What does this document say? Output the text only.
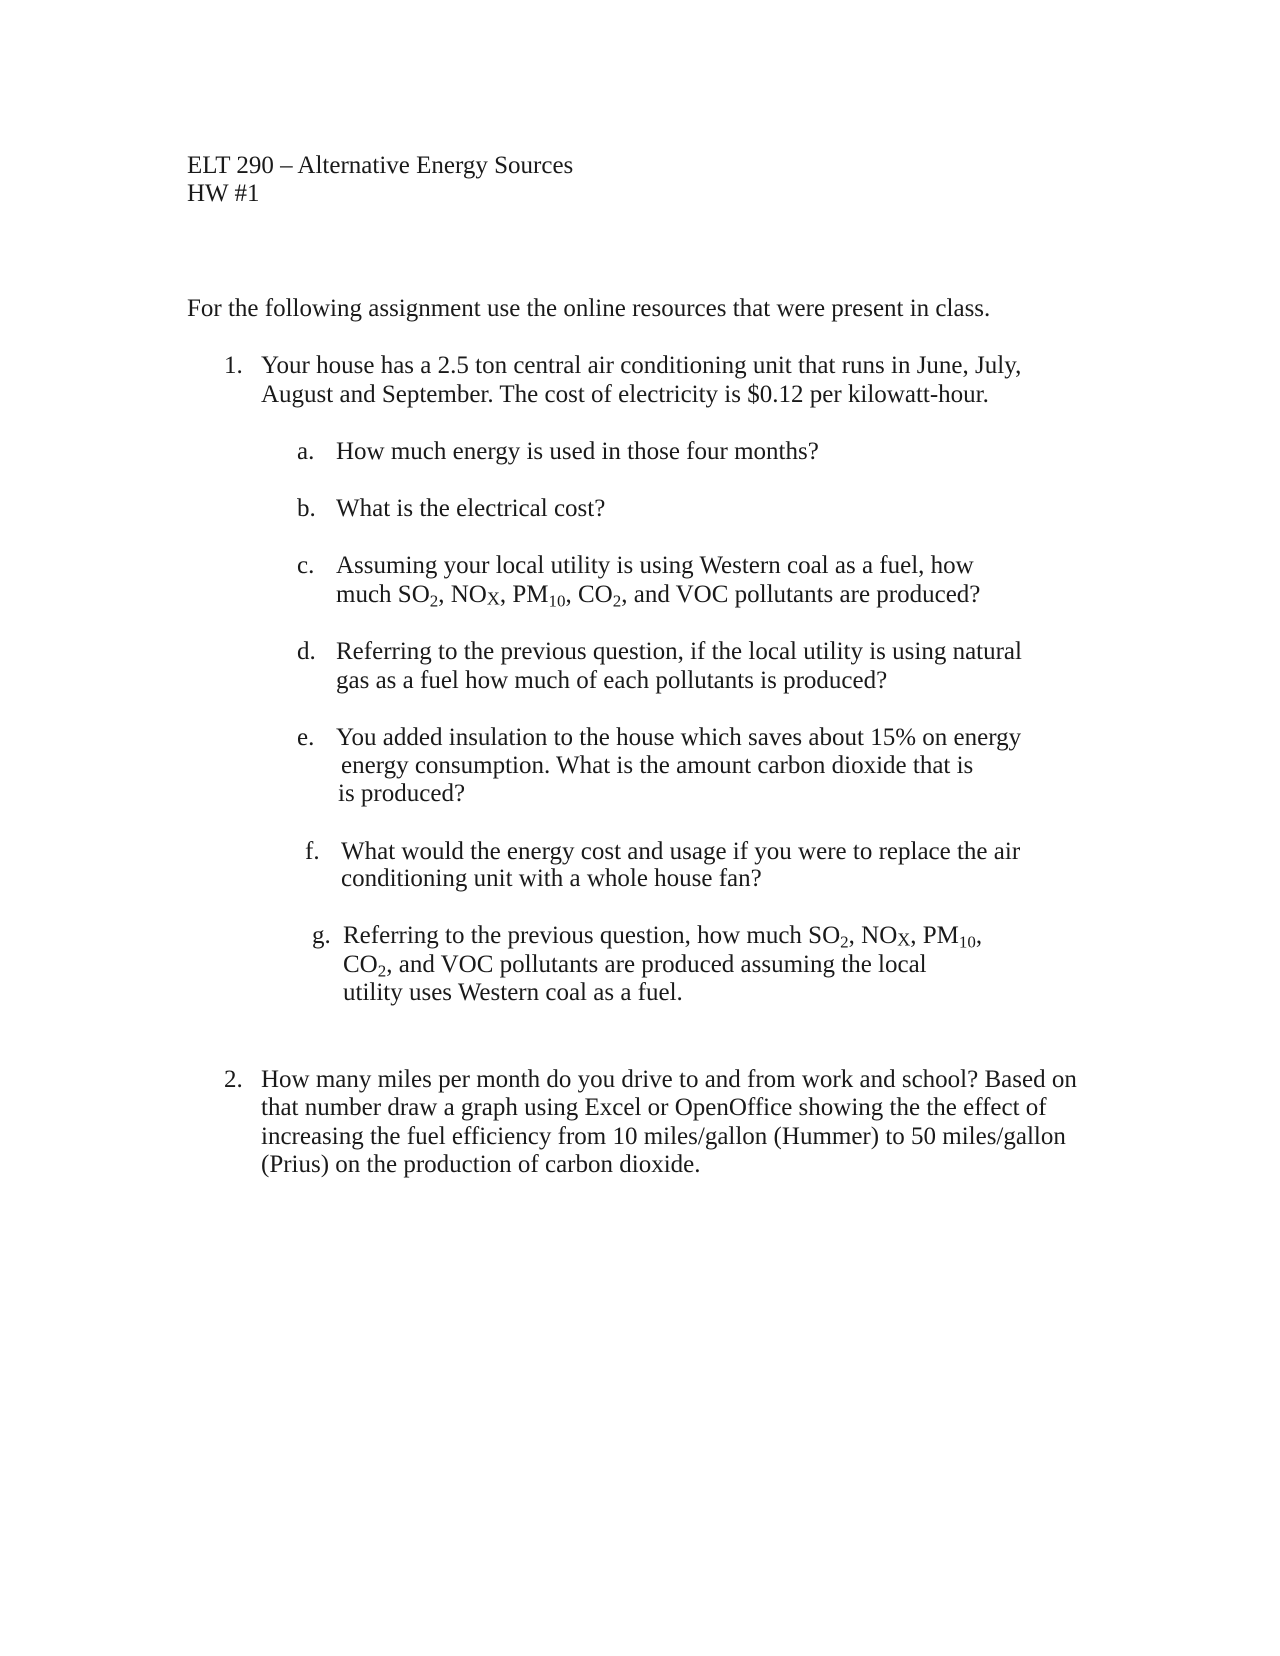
ELT 290 – Alternative Energy Sources
HW #1
For the following assignment use the online resources that were present in class.
1. Your house has a 2.5 ton central air conditioning unit that runs in June, July,
August and September. The cost of electricity is $0.12 per kilowatt-hour.
a. How much energy is used in those four months?
b. What is the electrical cost?
c. Assuming your local utility is using Western coal as a fuel, how
much $SO_2$, NOX, $PM_{10}$, $CO_2$, and VOC pollutants are produced?
d. Referring to the previous question, if the local utility is using natural
gas as a fuel how much of each pollutants is produced?
e. You added insulation to the house which saves about 15% on energy
energy consumption. What is the amount carbon dioxide that is
is produced?
f. What would the energy cost and usage if you were to replace the air
conditioning unit with a whole house fan?
g. Referring to the previous question, how much $SO_2$, NOX, $PM_{10}$,
$CO_2$, and VOC pollutants are produced assuming the local
utility uses Western coal as a fuel.
2. How many miles per month do you drive to and from work and school? Based on
that number draw a graph using Excel or OpenOffice showing the the effect of
increasing the fuel efficiency from 10 miles/gallon (Hummer) to 50 miles/gallon
(Prius) on the production of carbon dioxide.
